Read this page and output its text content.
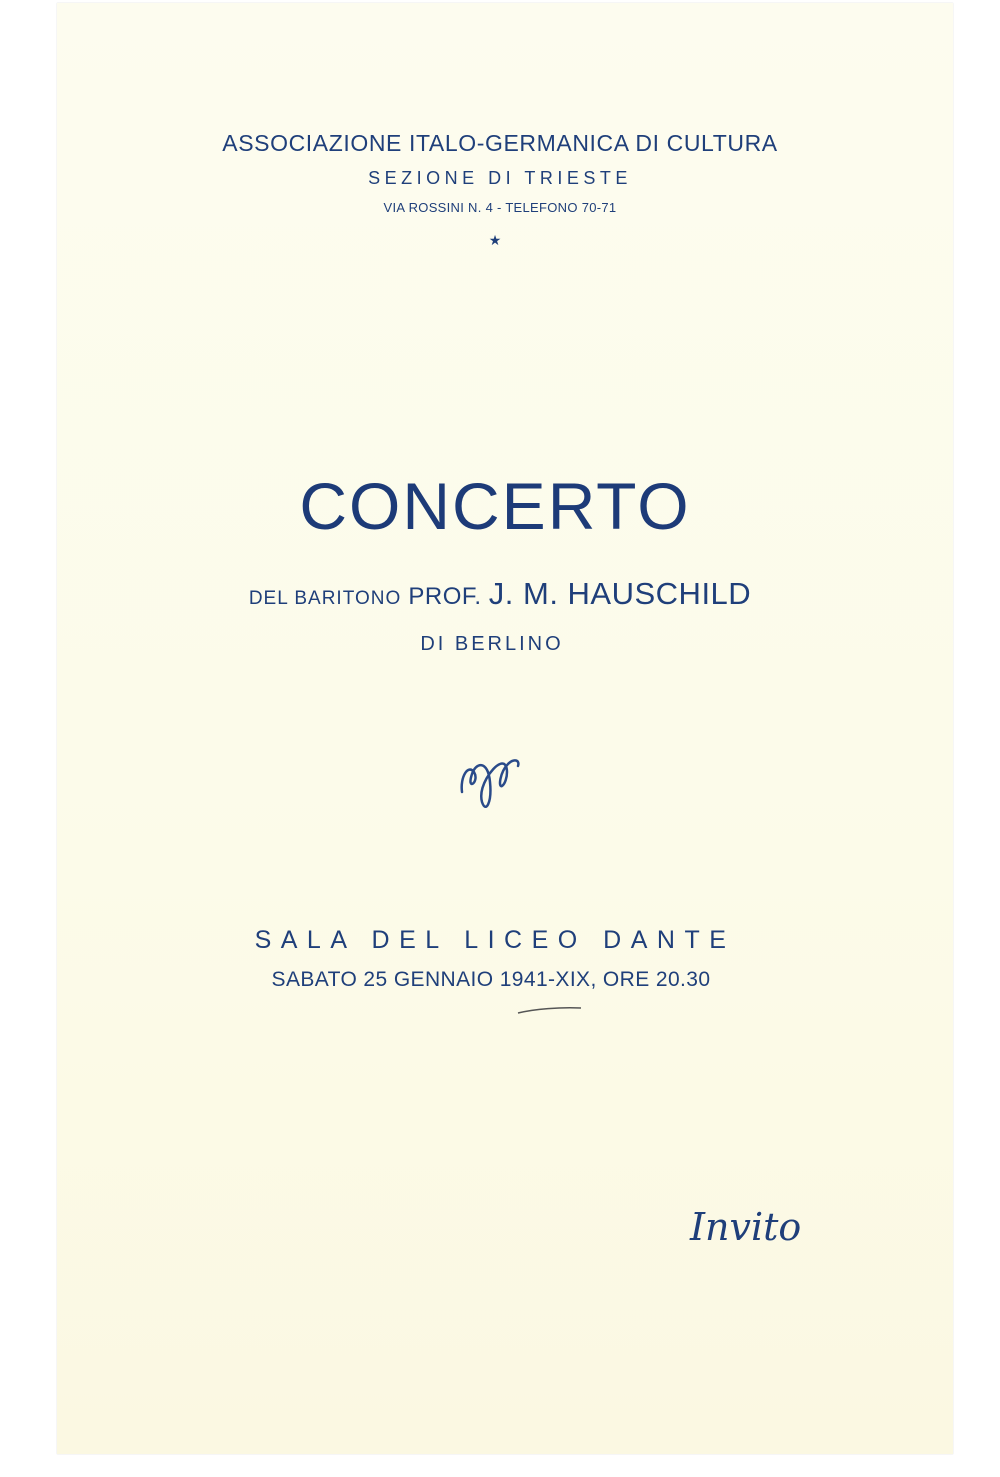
ASSOCIAZIONE ITALO-GERMANICA DI CULTURA
SEZIONE DI TRIESTE
VIA ROSSINI N. 4 - TELEFONO 70-71
★
CONCERTO
DEL BARITONO PROF. J. M. HAUSCHILD
DI BERLINO
SALA DEL LICEO DANTE
SABATO 25 GENNAIO 1941-XIX, ORE 20.30
Invito
